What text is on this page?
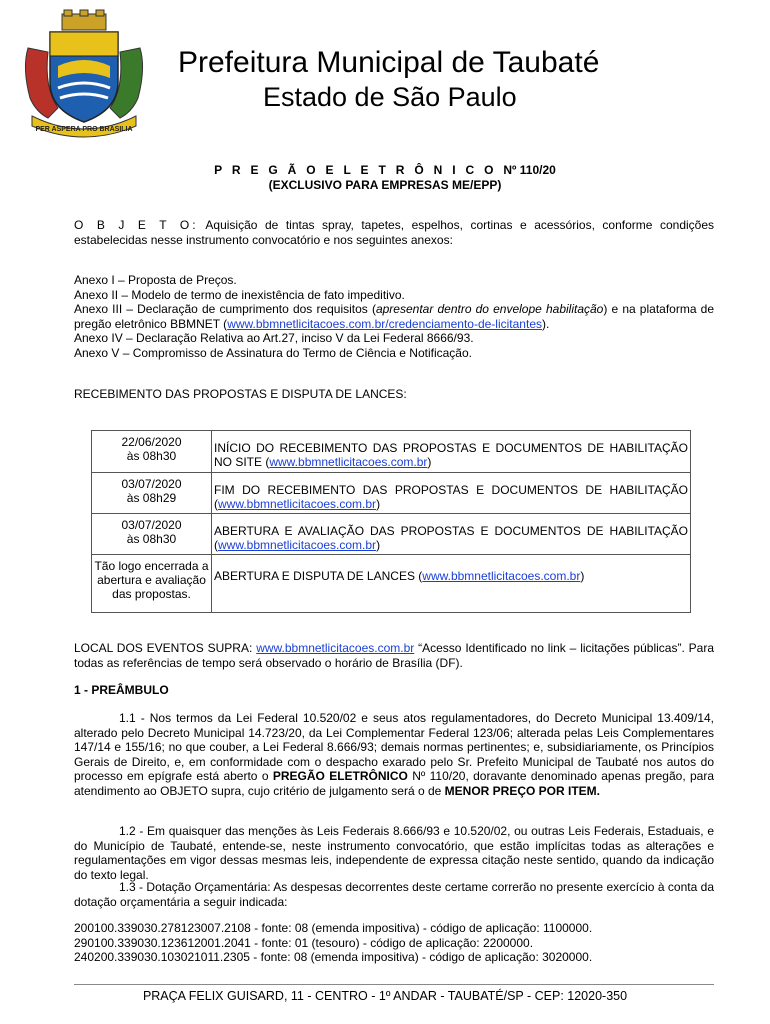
PER ASPERA PRO BRASILIA
Prefeitura Municipal de Taubaté
Estado de São Paulo
P R E G Ã O E L E T R Ô N I C O Nº 110/20
(EXCLUSIVO PARA EMPRESAS ME/EPP)
O B J E T O: Aquisição de tintas spray, tapetes, espelhos, cortinas e acessórios, conforme condições estabelecidas nesse instrumento convocatório e nos seguintes anexos:
Anexo I – Proposta de Preços.
Anexo II – Modelo de termo de inexistência de fato impeditivo.
Anexo III – Declaração de cumprimento dos requisitos (apresentar dentro do envelope habilitação) e na plataforma de pregão eletrônico BBMNET (www.bbmnetlicitacoes.com.br/credenciamento-de-licitantes).
Anexo IV – Declaração Relativa ao Art.27, inciso V da Lei Federal 8666/93.
Anexo V – Compromisso de Assinatura do Termo de Ciência e Notificação.
RECEBIMENTO DAS PROPOSTAS E DISPUTA DE LANCES:
22/06/2020
às 08h30	INÍCIO DO RECEBIMENTO DAS PROPOSTAS E DOCUMENTOS DE HABILITAÇÃO NO SITE (www.bbmnetlicitacoes.com.br)

03/07/2020
às 08h29	FIM DO RECEBIMENTO DAS PROPOSTAS E DOCUMENTOS DE HABILITAÇÃO (www.bbmnetlicitacoes.com.br)

03/07/2020
às 08h30	ABERTURA E AVALIAÇÃO DAS PROPOSTAS E DOCUMENTOS DE HABILITAÇÃO (www.bbmnetlicitacoes.com.br)
Tão logo encerrada a abertura e avaliação das propostas.	ABERTURA E DISPUTA DE LANCES (www.bbmnetlicitacoes.com.br)
LOCAL DOS EVENTOS SUPRA: www.bbmnetlicitacoes.com.br “Acesso Identificado no link – licitações públicas”. Para todas as referências de tempo será observado o horário de Brasília (DF).
1 - PREÂMBULO
1.1 - Nos termos da Lei Federal 10.520/02 e seus atos regulamentadores, do Decreto Municipal 13.409/14, alterado pelo Decreto Municipal 14.723/20, da Lei Complementar Federal 123/06; alterada pelas Leis Complementares 147/14 e 155/16; no que couber, a Lei Federal 8.666/93; demais normas pertinentes; e, subsidiariamente, os Princípios Gerais de Direito, e, em conformidade com o despacho exarado pelo Sr. Prefeito Municipal de Taubaté nos autos do processo em epígrafe está aberto o PREGÃO ELETRÔNICO Nº 110/20, doravante denominado apenas pregão, para atendimento ao OBJETO supra, cujo critério de julgamento será o de MENOR PREÇO POR ITEM.
1.2 - Em quaisquer das menções às Leis Federais 8.666/93 e 10.520/02, ou outras Leis Federais, Estaduais, e do Município de Taubaté, entende-se, neste instrumento convocatório, que estão implícitas todas as alterações e regulamentações em vigor dessas mesmas leis, independente de expressa citação neste sentido, quando da indicação do texto legal.
1.3 - Dotação Orçamentária: As despesas decorrentes deste certame correrão no presente exercício à conta da dotação orçamentária a seguir indicada:
200100.339030.278123007.2108 - fonte: 08 (emenda impositiva) - código de aplicação: 1100000.
290100.339030.123612001.2041 - fonte: 01 (tesouro) - código de aplicação: 2200000.
240200.339030.103021011.2305 - fonte: 08 (emenda impositiva) - código de aplicação: 3020000.
PRAÇA FELIX GUISARD, 11 - CENTRO - 1º ANDAR - TAUBATÉ/SP - CEP: 12020-350
